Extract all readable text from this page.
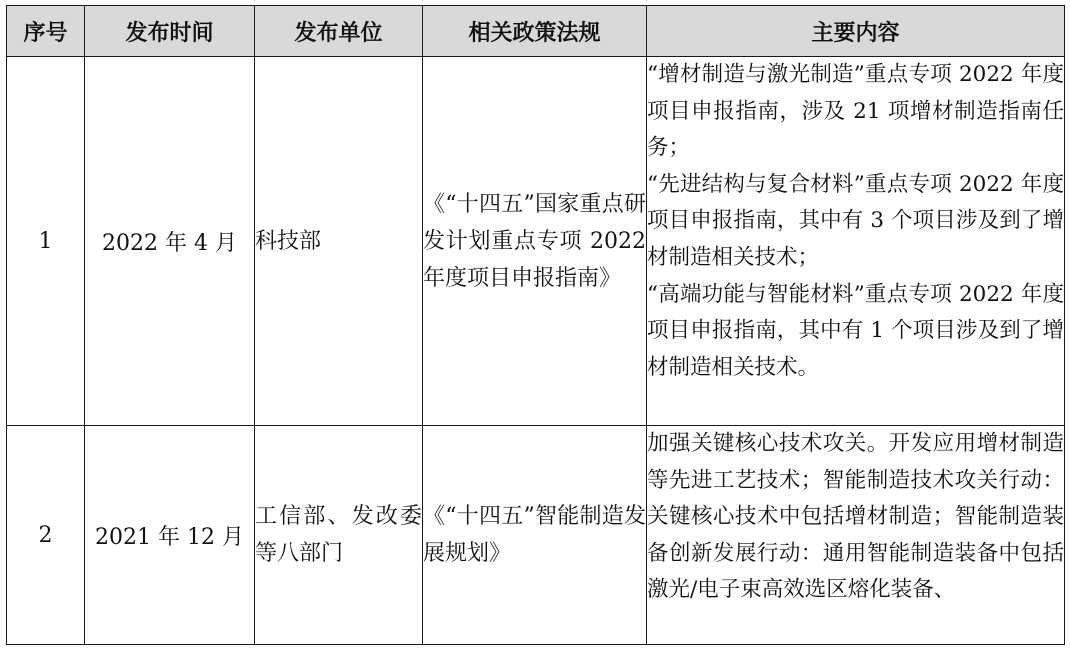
序号	发布时间	发布单位	相关政策法规	主要内容
1	2022 年 4 月	科技部	《“十四五”国家重点研发计划重点专项 2022 年度项目申报指南》	“增材制造与激光制造”重点专项 2022 年度项目申报指南，涉及 21 项增材制造指南任务；
“先进结构与复合材料”重点专项 2022 年度项目申报指南，其中有 3 个项目涉及到了增材制造相关技术；
“高端功能与智能材料”重点专项 2022 年度项目申报指南，其中有 1 个项目涉及到了增材制造相关技术。

2	2021 年 12 月	工信部、发改委等八部门	《“十四五”智能制造发展规划》	加强关键核心技术攻关。开发应用增材制造等先进工艺技术；智能制造技术攻关行动：关键核心技术中包括增材制造；智能制造装备创新发展行动：通用智能制造装备中包括激光/电子束高效选区熔化装备、
